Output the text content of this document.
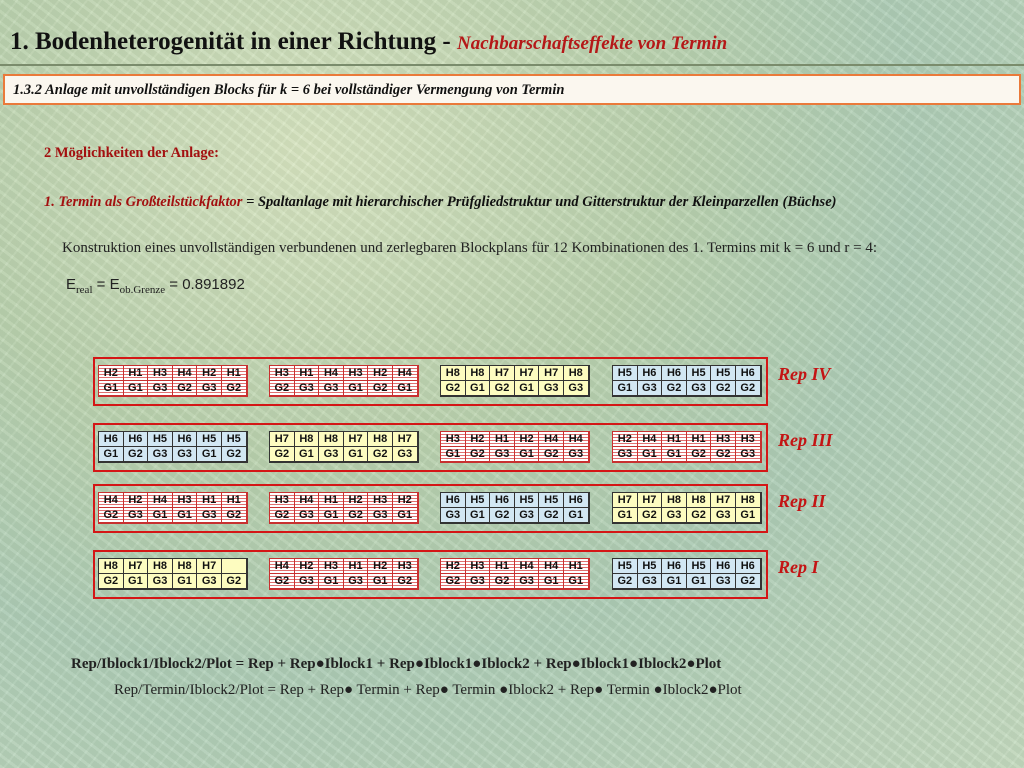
1. Bodenheterogenität in einer Richtung - Nachbarschaftseffekte von Termin
1.3.2 Anlage mit unvollständigen Blocks für k = 6 bei vollständiger Vermengung von Termin
2 Möglichkeiten der Anlage:
1. Termin als Großteilstückfaktor = Spaltanlage mit hierarchischer Prüfgliedstruktur und Gitterstruktur der Kleinparzellen (Büchse)
Konstruktion eines unvollständigen verbundenen und zerlegbaren Blockplans für 12 Kombinationen des 1. Termins mit k = 6 und r = 4:
$E_{real} = E_{ob.Grenze} = 0.891892$
Rep IV
H2 H1 H3 H4 H2 H1
G1 G1 G3 G2 G3 G2
H3 H1 H4 H3 H2 H4
G2 G3 G3 G1 G2 G1
H8 H8 H7 H7 H7 H8
G2 G1 G2 G1 G3 G3
H5 H6 H6 H5 H5 H6
G1 G3 G2 G3 G2 G2
Rep III
H6 H6 H5 H6 H5 H5
G1 G2 G3 G3 G1 G2
H7 H8 H8 H7 H8 H7
G2 G1 G3 G1 G2 G3
H3 H2 H1 H2 H4 H4
G1 G2 G3 G1 G2 G3
H2 H4 H1 H1 H3 H3
G3 G1 G1 G2 G2 G3
Rep II
H4 H2 H4 H3 H1 H1
G2 G3 G1 G1 G3 G2
H3 H4 H1 H2 H3 H2
G2 G3 G1 G2 G3 G1
H6 H5 H6 H5 H5 H6
G3 G1 G2 G3 G2 G1
H7 H7 H8 H8 H7 H8
G1 G2 G3 G2 G3 G1
Rep I
H8 H7 H8 H8 H7
G2 G1 G3 G1 G3 G2
H4 H2 H3 H1 H2 H3
G2 G3 G1 G3 G1 G2
H2 H3 H1 H4 H4 H1
G2 G3 G2 G3 G1 G1
H5 H5 H6 H5 H6 H6
G2 G3 G1 G1 G3 G2
Rep/Iblock1/Iblock2/Plot = Rep + Rep●Iblock1 + Rep●Iblock1●Iblock2 + Rep●Iblock1●Iblock2●Plot
Rep/Termin/Iblock2/Plot = Rep + Rep● Termin + Rep● Termin ●Iblock2 + Rep● Termin ●Iblock2●Plot
